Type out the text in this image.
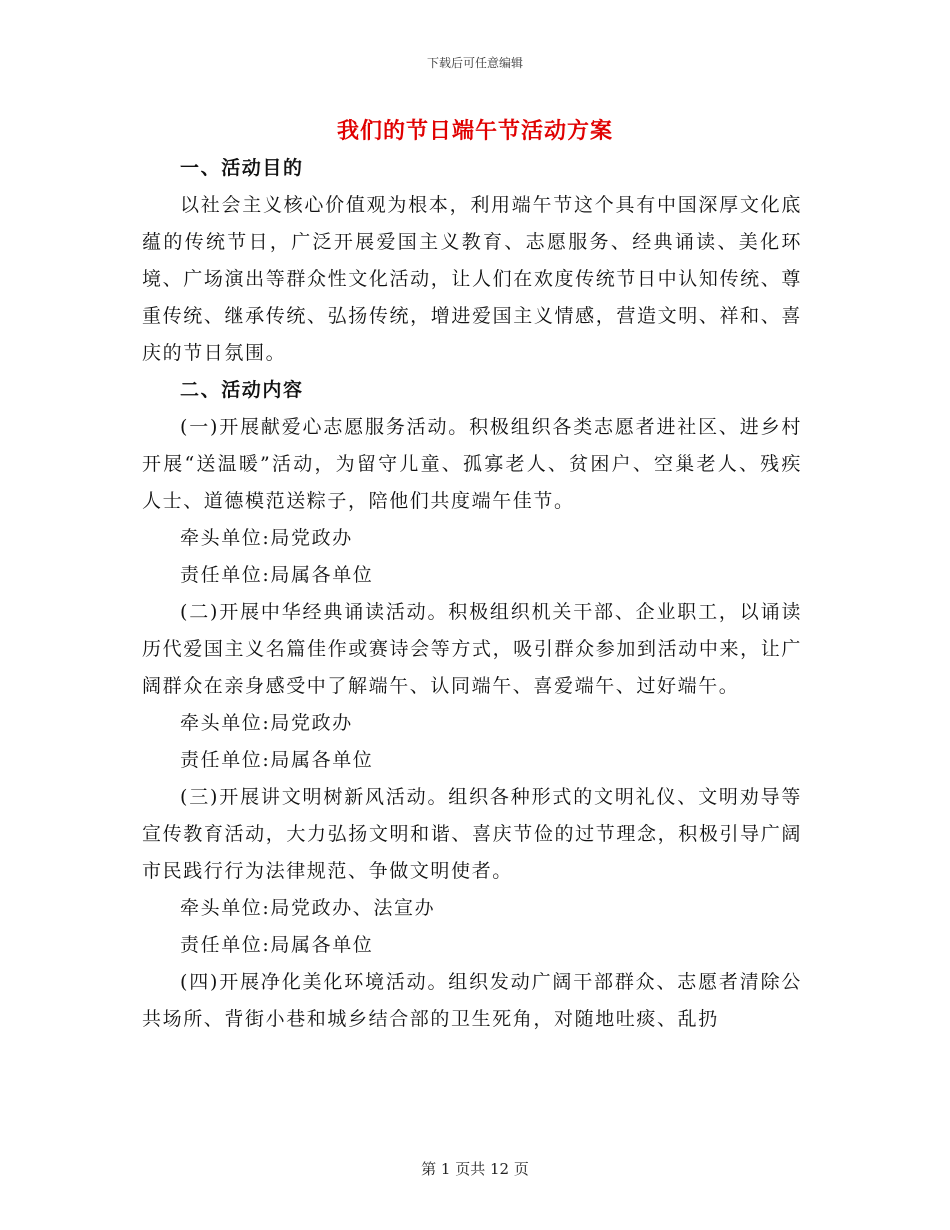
下载后可任意编辑
我们的节日端午节活动方案

一、活动目的

以社会主义核心价值观为根本，利用端午节这个具有中国深厚文化底蕴的传统节日，广泛开展爱国主义教育、志愿服务、经典诵读、美化环境、广场演出等群众性文化活动，让人们在欢度传统节日中认知传统、尊重传统、继承传统、弘扬传统，增进爱国主义情感，营造文明、祥和、喜庆的节日氛围。

二、活动内容

(一)开展献爱心志愿服务活动。积极组织各类志愿者进社区、进乡村开展“送温暖”活动，为留守儿童、孤寡老人、贫困户、空巢老人、残疾人士、道德模范送粽子，陪他们共度端午佳节。

牵头单位:局党政办

责任单位:局属各单位

(二)开展中华经典诵读活动。积极组织机关干部、企业职工，以诵读历代爱国主义名篇佳作或赛诗会等方式，吸引群众参加到活动中来，让广阔群众在亲身感受中了解端午、认同端午、喜爱端午、过好端午。

牵头单位:局党政办

责任单位:局属各单位

(三)开展讲文明树新风活动。组织各种形式的文明礼仪、文明劝导等宣传教育活动，大力弘扬文明和谐、喜庆节俭的过节理念，积极引导广阔市民践行行为法律规范、争做文明使者。

牵头单位:局党政办、法宣办

责任单位:局属各单位

(四)开展净化美化环境活动。组织发动广阔干部群众、志愿者清除公共场所、背街小巷和城乡结合部的卫生死角，对随地吐痰、乱扔

第 1 页共 12 页
